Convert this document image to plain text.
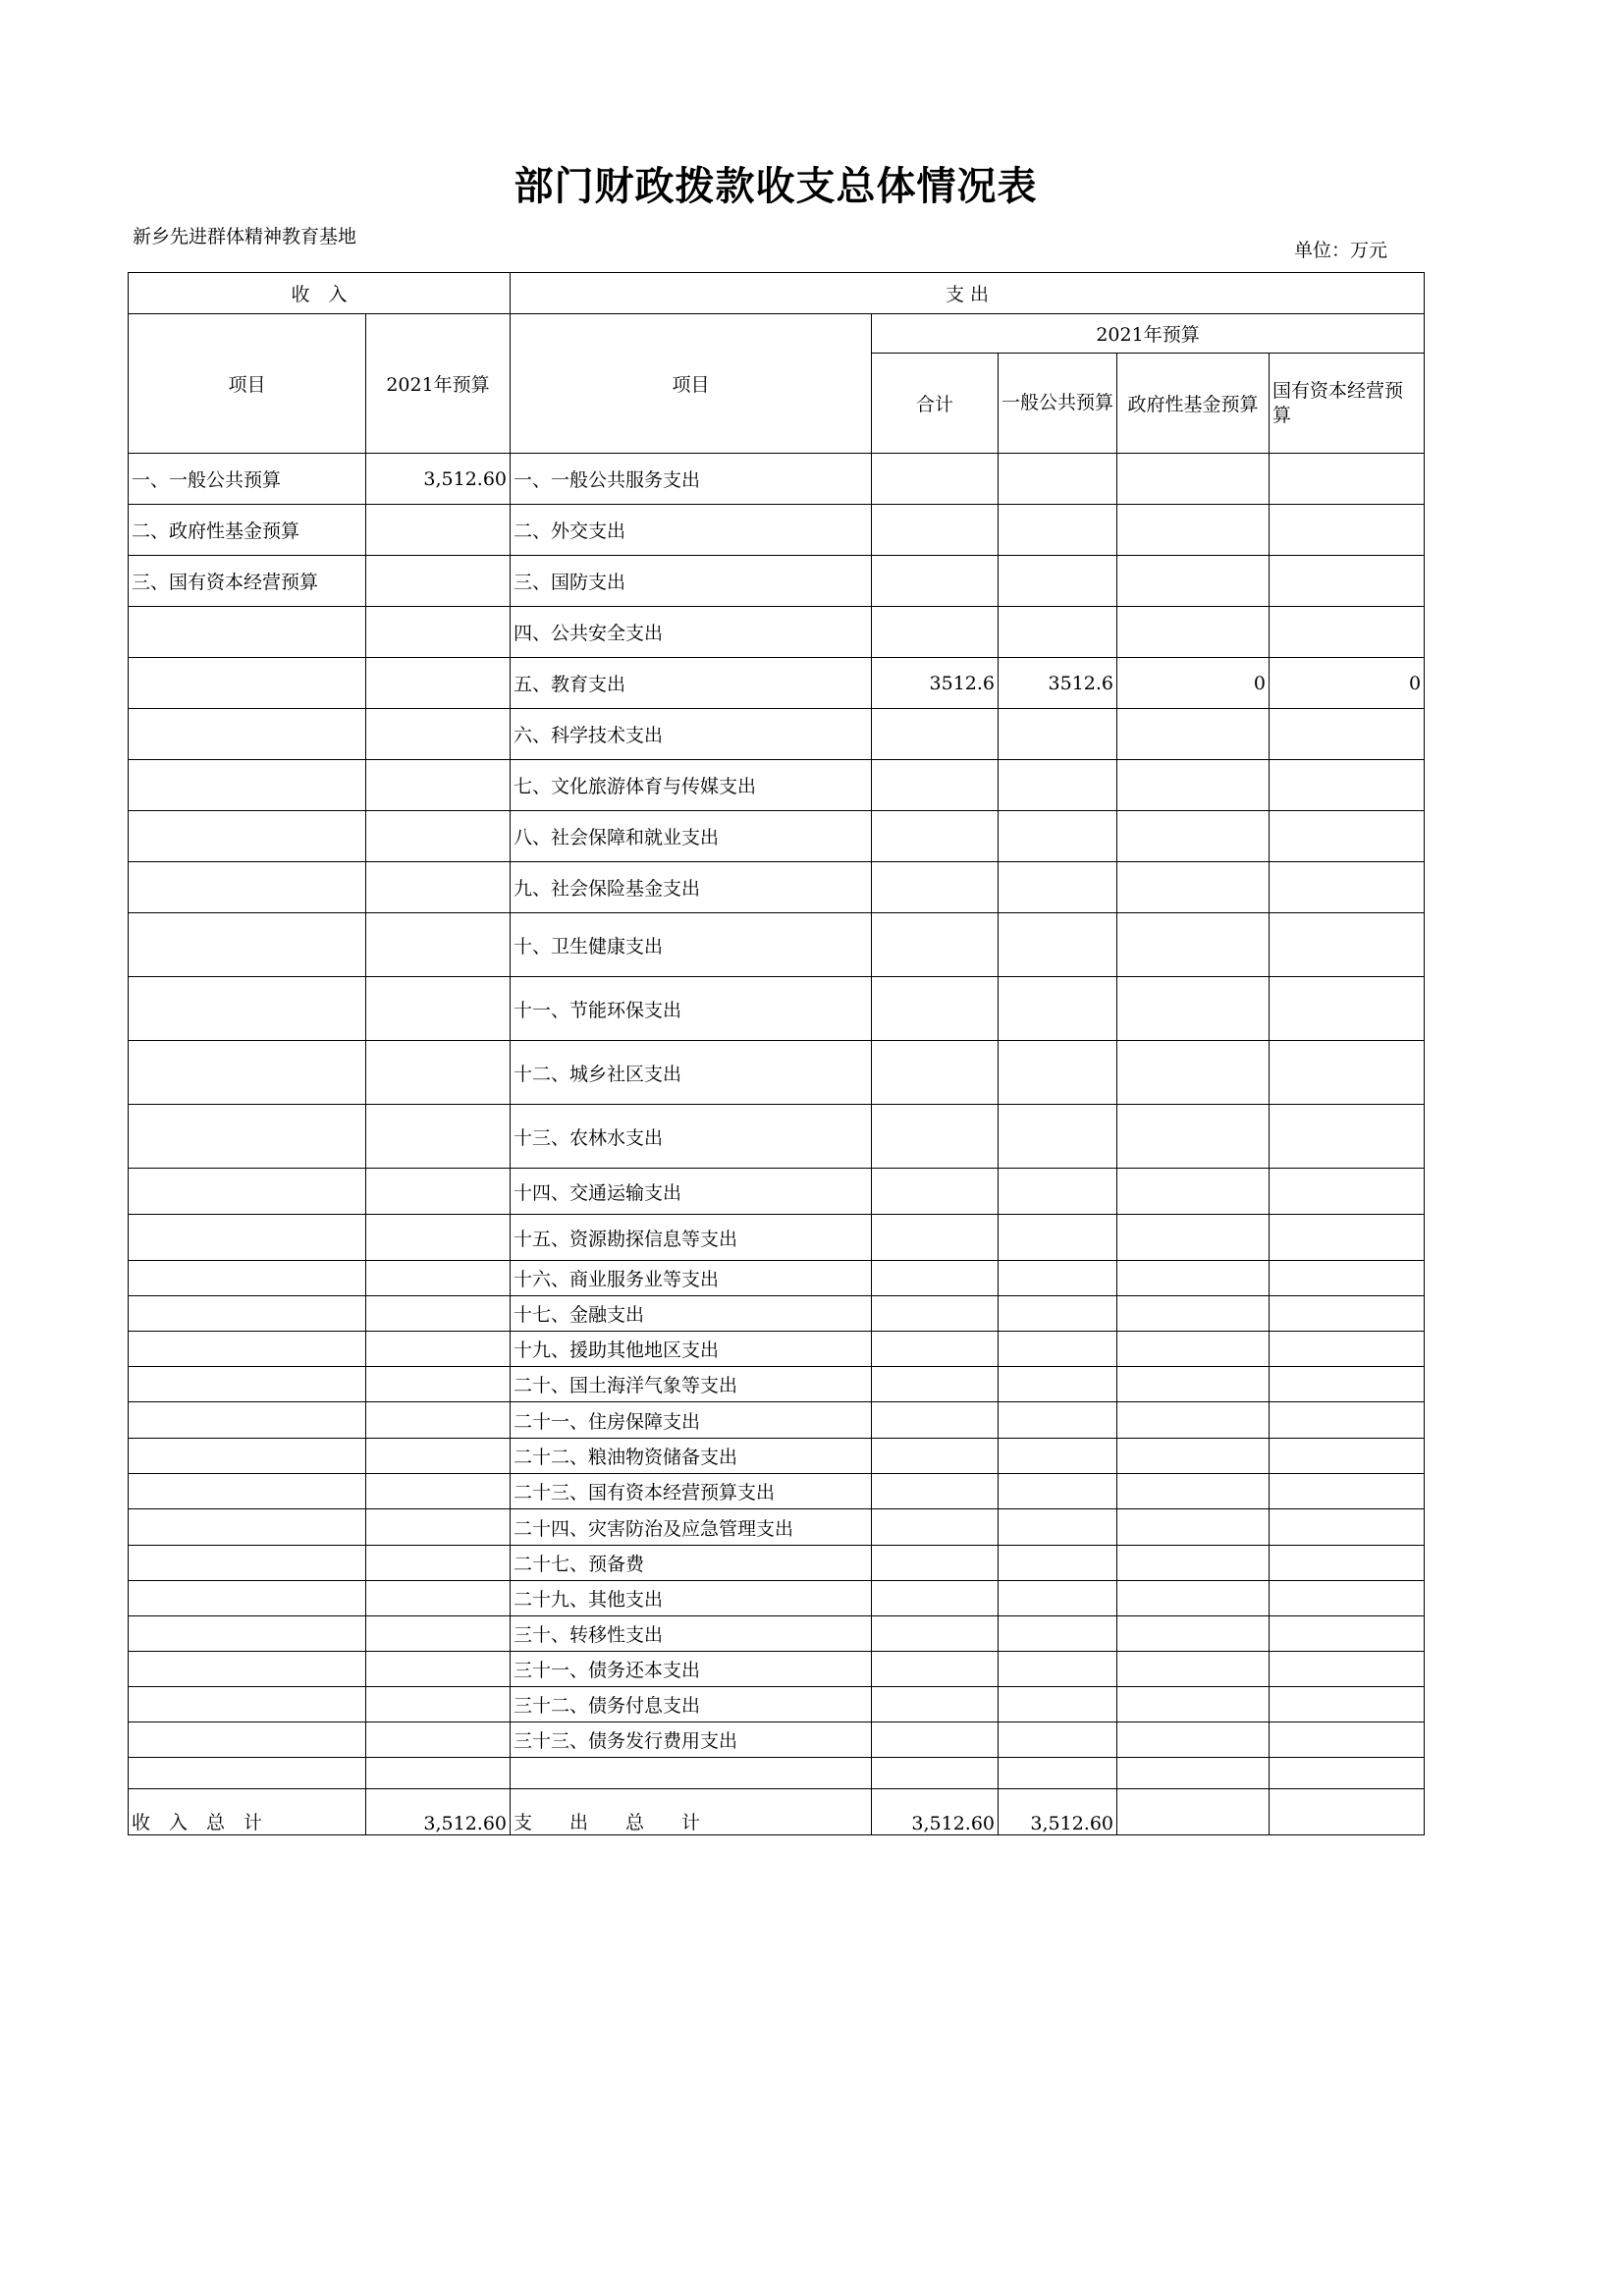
部门财政拨款收支总体情况表
新乡先进群体精神教育基地
单位：万元
收　入		支 出				
项目	2021年预算	项目	2021年预算			
			合计	一般公共预算	政府性基金预算	国有资本经营预算
一、一般公共预算	3,512.60	一、一般公共服务支出				
二、政府性基金预算		二、外交支出				
三、国有资本经营预算		三、国防支出				
		四、公共安全支出				
		五、教育支出	3512.6	3512.6	0	0
		六、科学技术支出				
		七、文化旅游体育与传媒支出				
		八、社会保障和就业支出				
		九、社会保险基金支出				
		十、卫生健康支出				
		十一、节能环保支出				
		十二、城乡社区支出				
		十三、农林水支出				
		十四、交通运输支出				
		十五、资源勘探信息等支出				
		十六、商业服务业等支出				
		十七、金融支出				
		十九、援助其他地区支出				
		二十、国土海洋气象等支出				
		二十一、住房保障支出				
		二十二、粮油物资储备支出				
		二十三、国有资本经营预算支出				
		二十四、灾害防治及应急管理支出				
		二十七、预备费				
		二十九、其他支出				
		三十、转移性支出				
		三十一、债务还本支出				
		三十二、债务付息支出				
		三十三、债务发行费用支出				

收　入　总　计	3,512.60	支　　出　　总　　计	3,512.60	3,512.60		
